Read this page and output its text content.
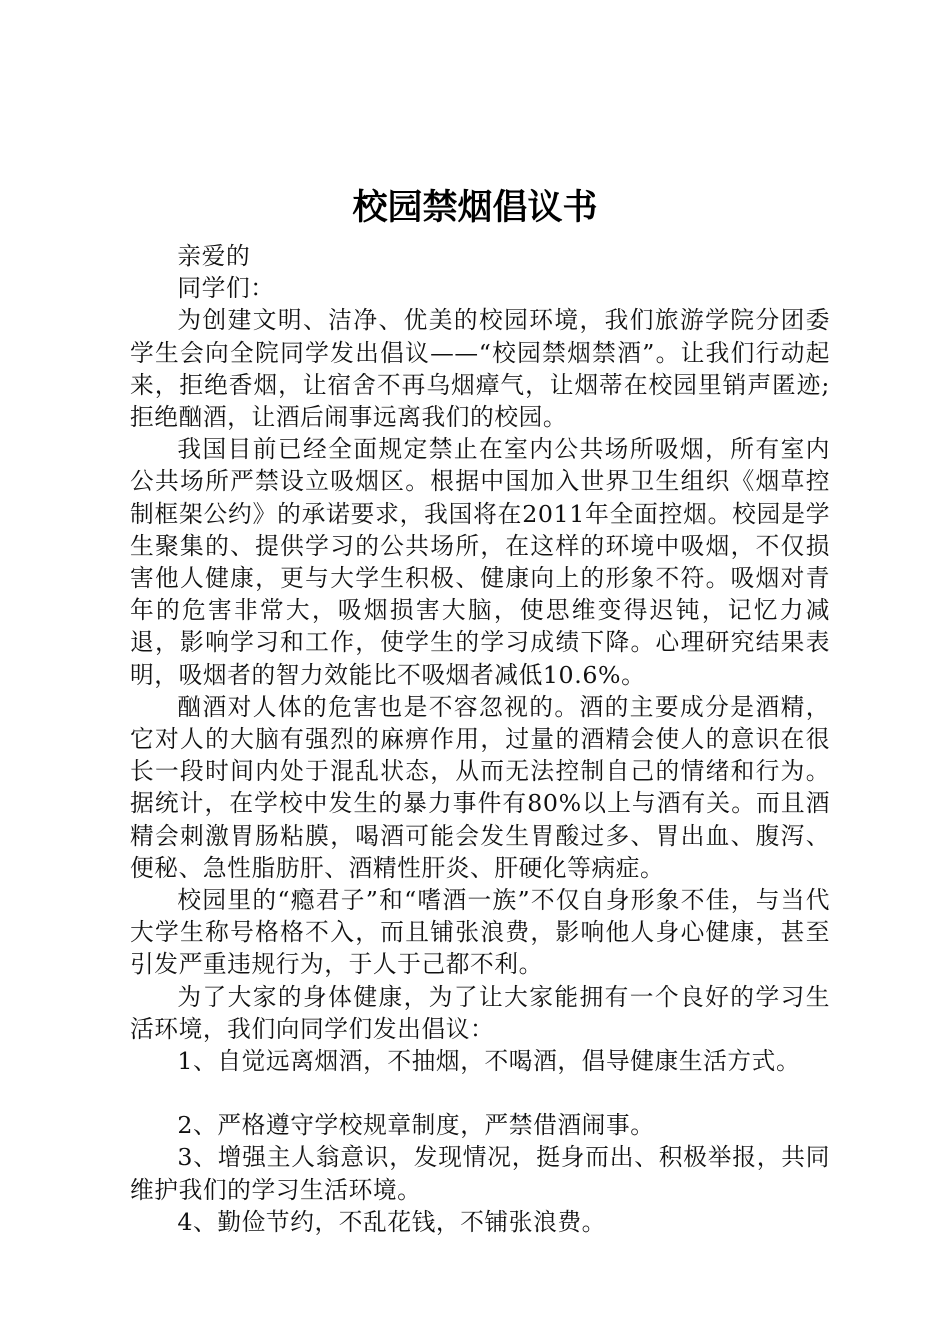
校园禁烟倡议书

亲爱的

同学们：

为创建文明、洁净、优美的校园环境，我们旅游学院分团委学生会向全院同学发出倡议——“校园禁烟禁酒”。让我们行动起来，拒绝香烟，让宿舍不再乌烟瘴气，让烟蒂在校园里销声匿迹;拒绝酗酒，让酒后闹事远离我们的校园。

我国目前已经全面规定禁止在室内公共场所吸烟，所有室内公共场所严禁设立吸烟区。根据中国加入世界卫生组织《烟草控制框架公约》的承诺要求，我国将在2011年全面控烟。校园是学生聚集的、提供学习的公共场所，在这样的环境中吸烟，不仅损害他人健康，更与大学生积极、健康向上的形象不符。吸烟对青年的危害非常大，吸烟损害大脑，使思维变得迟钝，记忆力减退，影响学习和工作，使学生的学习成绩下降。心理研究结果表明，吸烟者的智力效能比不吸烟者减低10.6%。

酗酒对人体的危害也是不容忽视的。酒的主要成分是酒精，它对人的大脑有强烈的麻痹作用，过量的酒精会使人的意识在很长一段时间内处于混乱状态，从而无法控制自己的情绪和行为。据统计，在学校中发生的暴力事件有80%以上与酒有关。而且酒精会刺激胃肠粘膜，喝酒可能会发生胃酸过多、胃出血、腹泻、便秘、急性脂肪肝、酒精性肝炎、肝硬化等病症。

校园里的“瘾君子”和“嗜酒一族”不仅自身形象不佳，与当代大学生称号格格不入，而且铺张浪费，影响他人身心健康，甚至引发严重违规行为，于人于己都不利。

为了大家的身体健康，为了让大家能拥有一个良好的学习生活环境，我们向同学们发出倡议：

1、自觉远离烟酒，不抽烟，不喝酒，倡导健康生活方式。

2、严格遵守学校规章制度，严禁借酒闹事。

3、增强主人翁意识，发现情况，挺身而出、积极举报，共同维护我们的学习生活环境。

4、勤俭节约，不乱花钱，不铺张浪费。
